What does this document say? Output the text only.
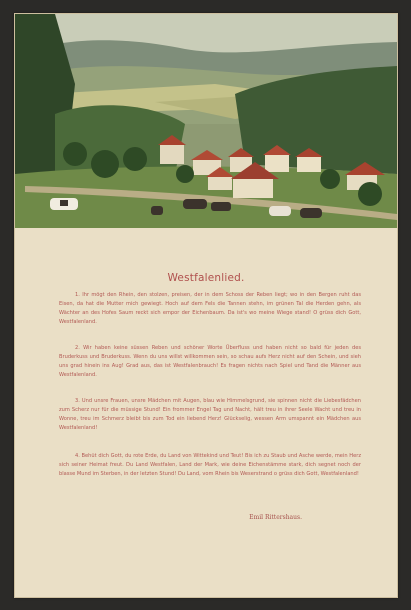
Westfalenlied.

1. Ihr mögt den Rhein, den stolzen, preisen, der in dem Schoss der Reben liegt; wo in den Bergen ruht das Eisen, da hat die Mutter mich gewiegt. Hoch auf dem Fels die Tannen stehn, im grünen Tal die Herden gehn, als Wächter an des Hofes Saum reckt sich empor der Eichenbaum. Da ist's wo meine Wiege stand! O grüss dich Gott, Westfalenland.

2. Wir haben keine süssen Reben und schöner Worte Überfluss und haben nicht so bald für jeden des Bruderkuss und Bruderkuss. Wenn du uns willst willkommen sein, so schau aufs Herz nicht auf den Schein, und sieh uns grad hinein ins Aug! Grad aus, das ist Westfalenbrauch! Es fragen nichts nach Spiel und Tand die Männer aus Westfalenland.

3. Und unsre Frauen, unsre Mädchen mit Augen, blau wie Himmelsgrund, sie spinnen nicht die Liebesfädchen zum Scherz nur für die müssige Stund! Ein frommer Engel Tag und Nacht, hält treu in ihrer Seele Wacht und treu in Wonne, treu im Schmerz bleibt bis zum Tod ein liebend Herz! Glückselig, wessen Arm umspannt ein Mädchen aus Westfalenland!

4. Behüt dich Gott, du rote Erde, du Land von Wittekind und Teut! Bis ich zu Staub und Asche werde, mein Herz sich seiner Heimat freut. Du Land Westfalen, Land der Mark, wie deine Eichenstämme stark, dich segnet noch der blasse Mund im Sterben, in der letzten Stund! Du Land, vom Rhein bis Weserstrand o grüss dich Gott, Westfalenland!

Emil Rittershaus.
